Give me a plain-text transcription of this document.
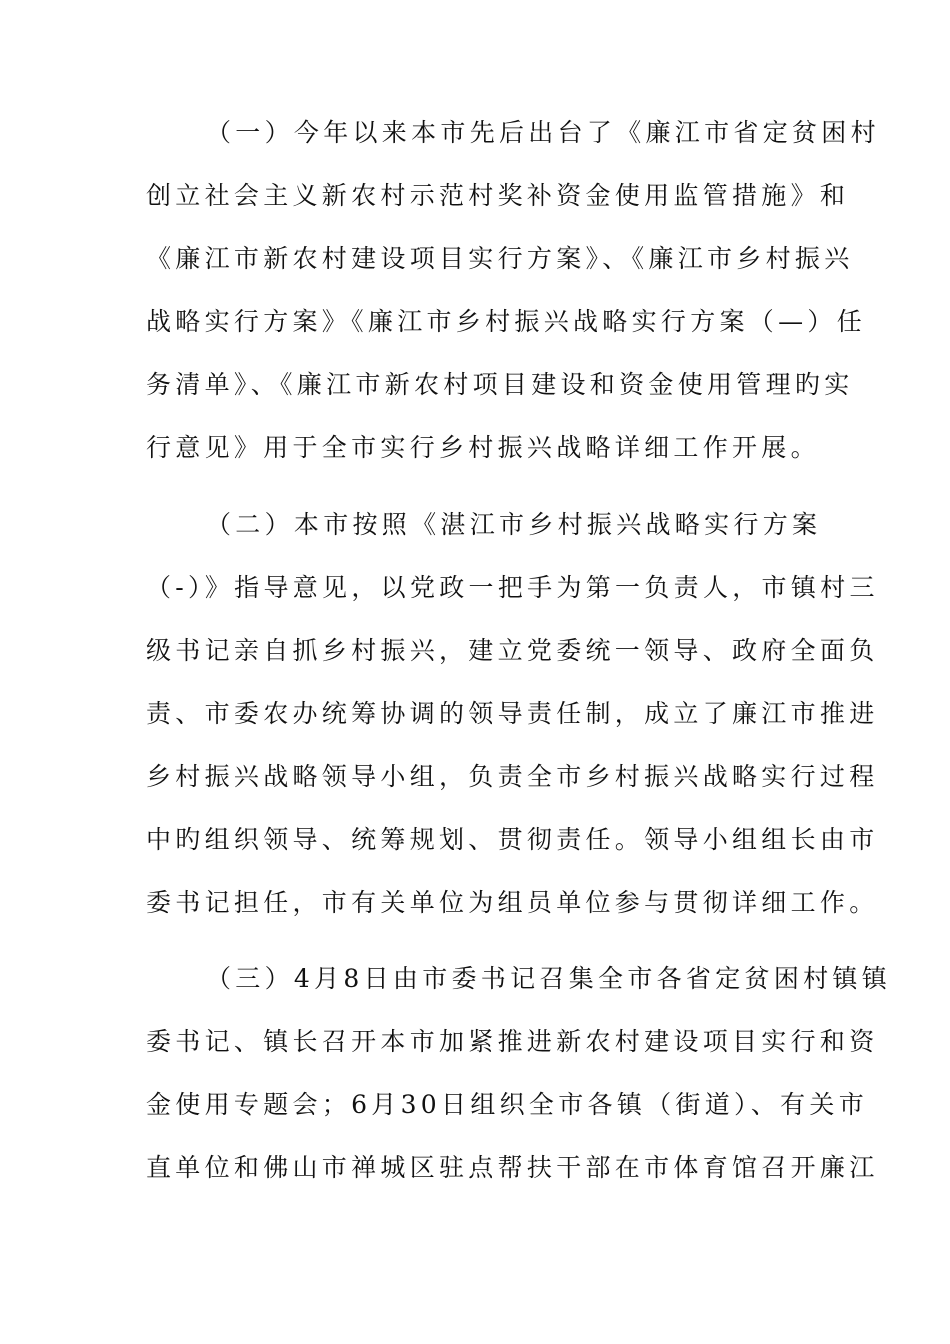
（一）今年以来本市先后出台了《廉江市省定贫困村
创立社会主义新农村示范村奖补资金使用监管措施》和
《廉江市新农村建设项目实行方案》、《廉江市乡村振兴
战略实行方案》《廉江市乡村振兴战略实行方案（—）任
务清单》、《廉江市新农村项目建设和资金使用管理旳实
行意见》用于全市实行乡村振兴战略详细工作开展。
（二）本市按照《湛江市乡村振兴战略实行方案
（-）》指导意见，以党政一把手为第一负责人，市镇村三
级书记亲自抓乡村振兴，建立党委统一领导、政府全面负
责、市委农办统筹协调的领导责任制，成立了廉江市推进
乡村振兴战略领导小组，负责全市乡村振兴战略实行过程
中旳组织领导、统筹规划、贯彻责任。领导小组组长由市
委书记担任，市有关单位为组员单位参与贯彻详细工作。
（三）4月8日由市委书记召集全市各省定贫困村镇镇
委书记、镇长召开本市加紧推进新农村建设项目实行和资
金使用专题会；6月30日组织全市各镇（街道）、有关市
直单位和佛山市禅城区驻点帮扶干部在市体育馆召开廉江
